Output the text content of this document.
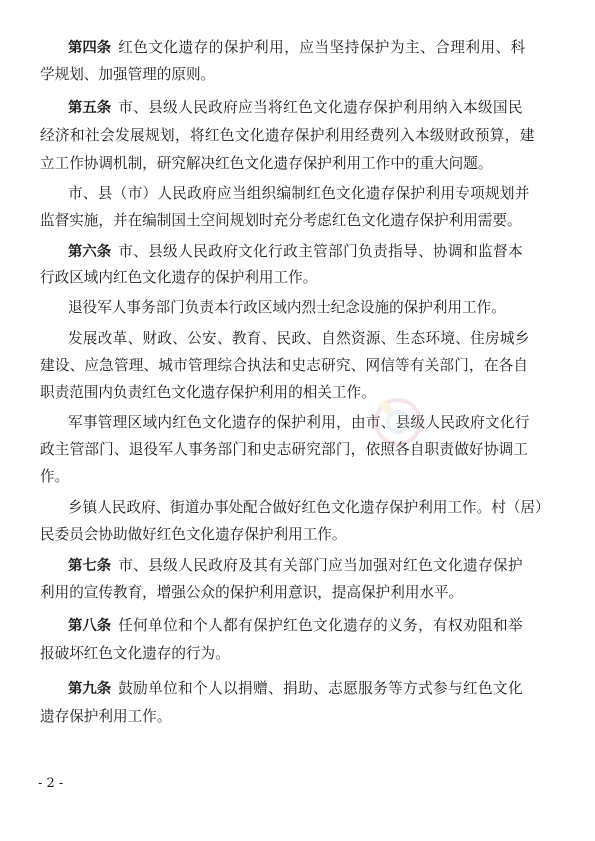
第四条 红色文化遗存的保护利用，应当坚持保护为主、合理利用、科
学规划、加强管理的原则。
第五条 市、县级人民政府应当将红色文化遗存保护利用纳入本级国民
经济和社会发展规划，将红色文化遗存保护利用经费列入本级财政预算，建
立工作协调机制，研究解决红色文化遗存保护利用工作中的重大问题。
市、县（市）人民政府应当组织编制红色文化遗存保护利用专项规划并
监督实施，并在编制国土空间规划时充分考虑红色文化遗存保护利用需要。
第六条 市、县级人民政府文化行政主管部门负责指导、协调和监督本
行政区域内红色文化遗存的保护利用工作。
退役军人事务部门负责本行政区域内烈士纪念设施的保护利用工作。
发展改革、财政、公安、教育、民政、自然资源、生态环境、住房城乡
建设、应急管理、城市管理综合执法和史志研究、网信等有关部门，在各自
职责范围内负责红色文化遗存保护利用的相关工作。
军事管理区域内红色文化遗存的保护利用，由市、县级人民政府文化行
政主管部门、退役军人事务部门和史志研究部门，依照各自职责做好协调工
作。
乡镇人民政府、街道办事处配合做好红色文化遗存保护利用工作。村（居）
民委员会协助做好红色文化遗存保护利用工作。
第七条 市、县级人民政府及其有关部门应当加强对红色文化遗存保护
利用的宣传教育，增强公众的保护利用意识，提高保护利用水平。
第八条 任何单位和个人都有保护红色文化遗存的义务，有权劝阻和举
报破坏红色文化遗存的行为。
第九条 鼓励单位和个人以捐赠、捐助、志愿服务等方式参与红色文化
遗存保护利用工作。
- 2 -
